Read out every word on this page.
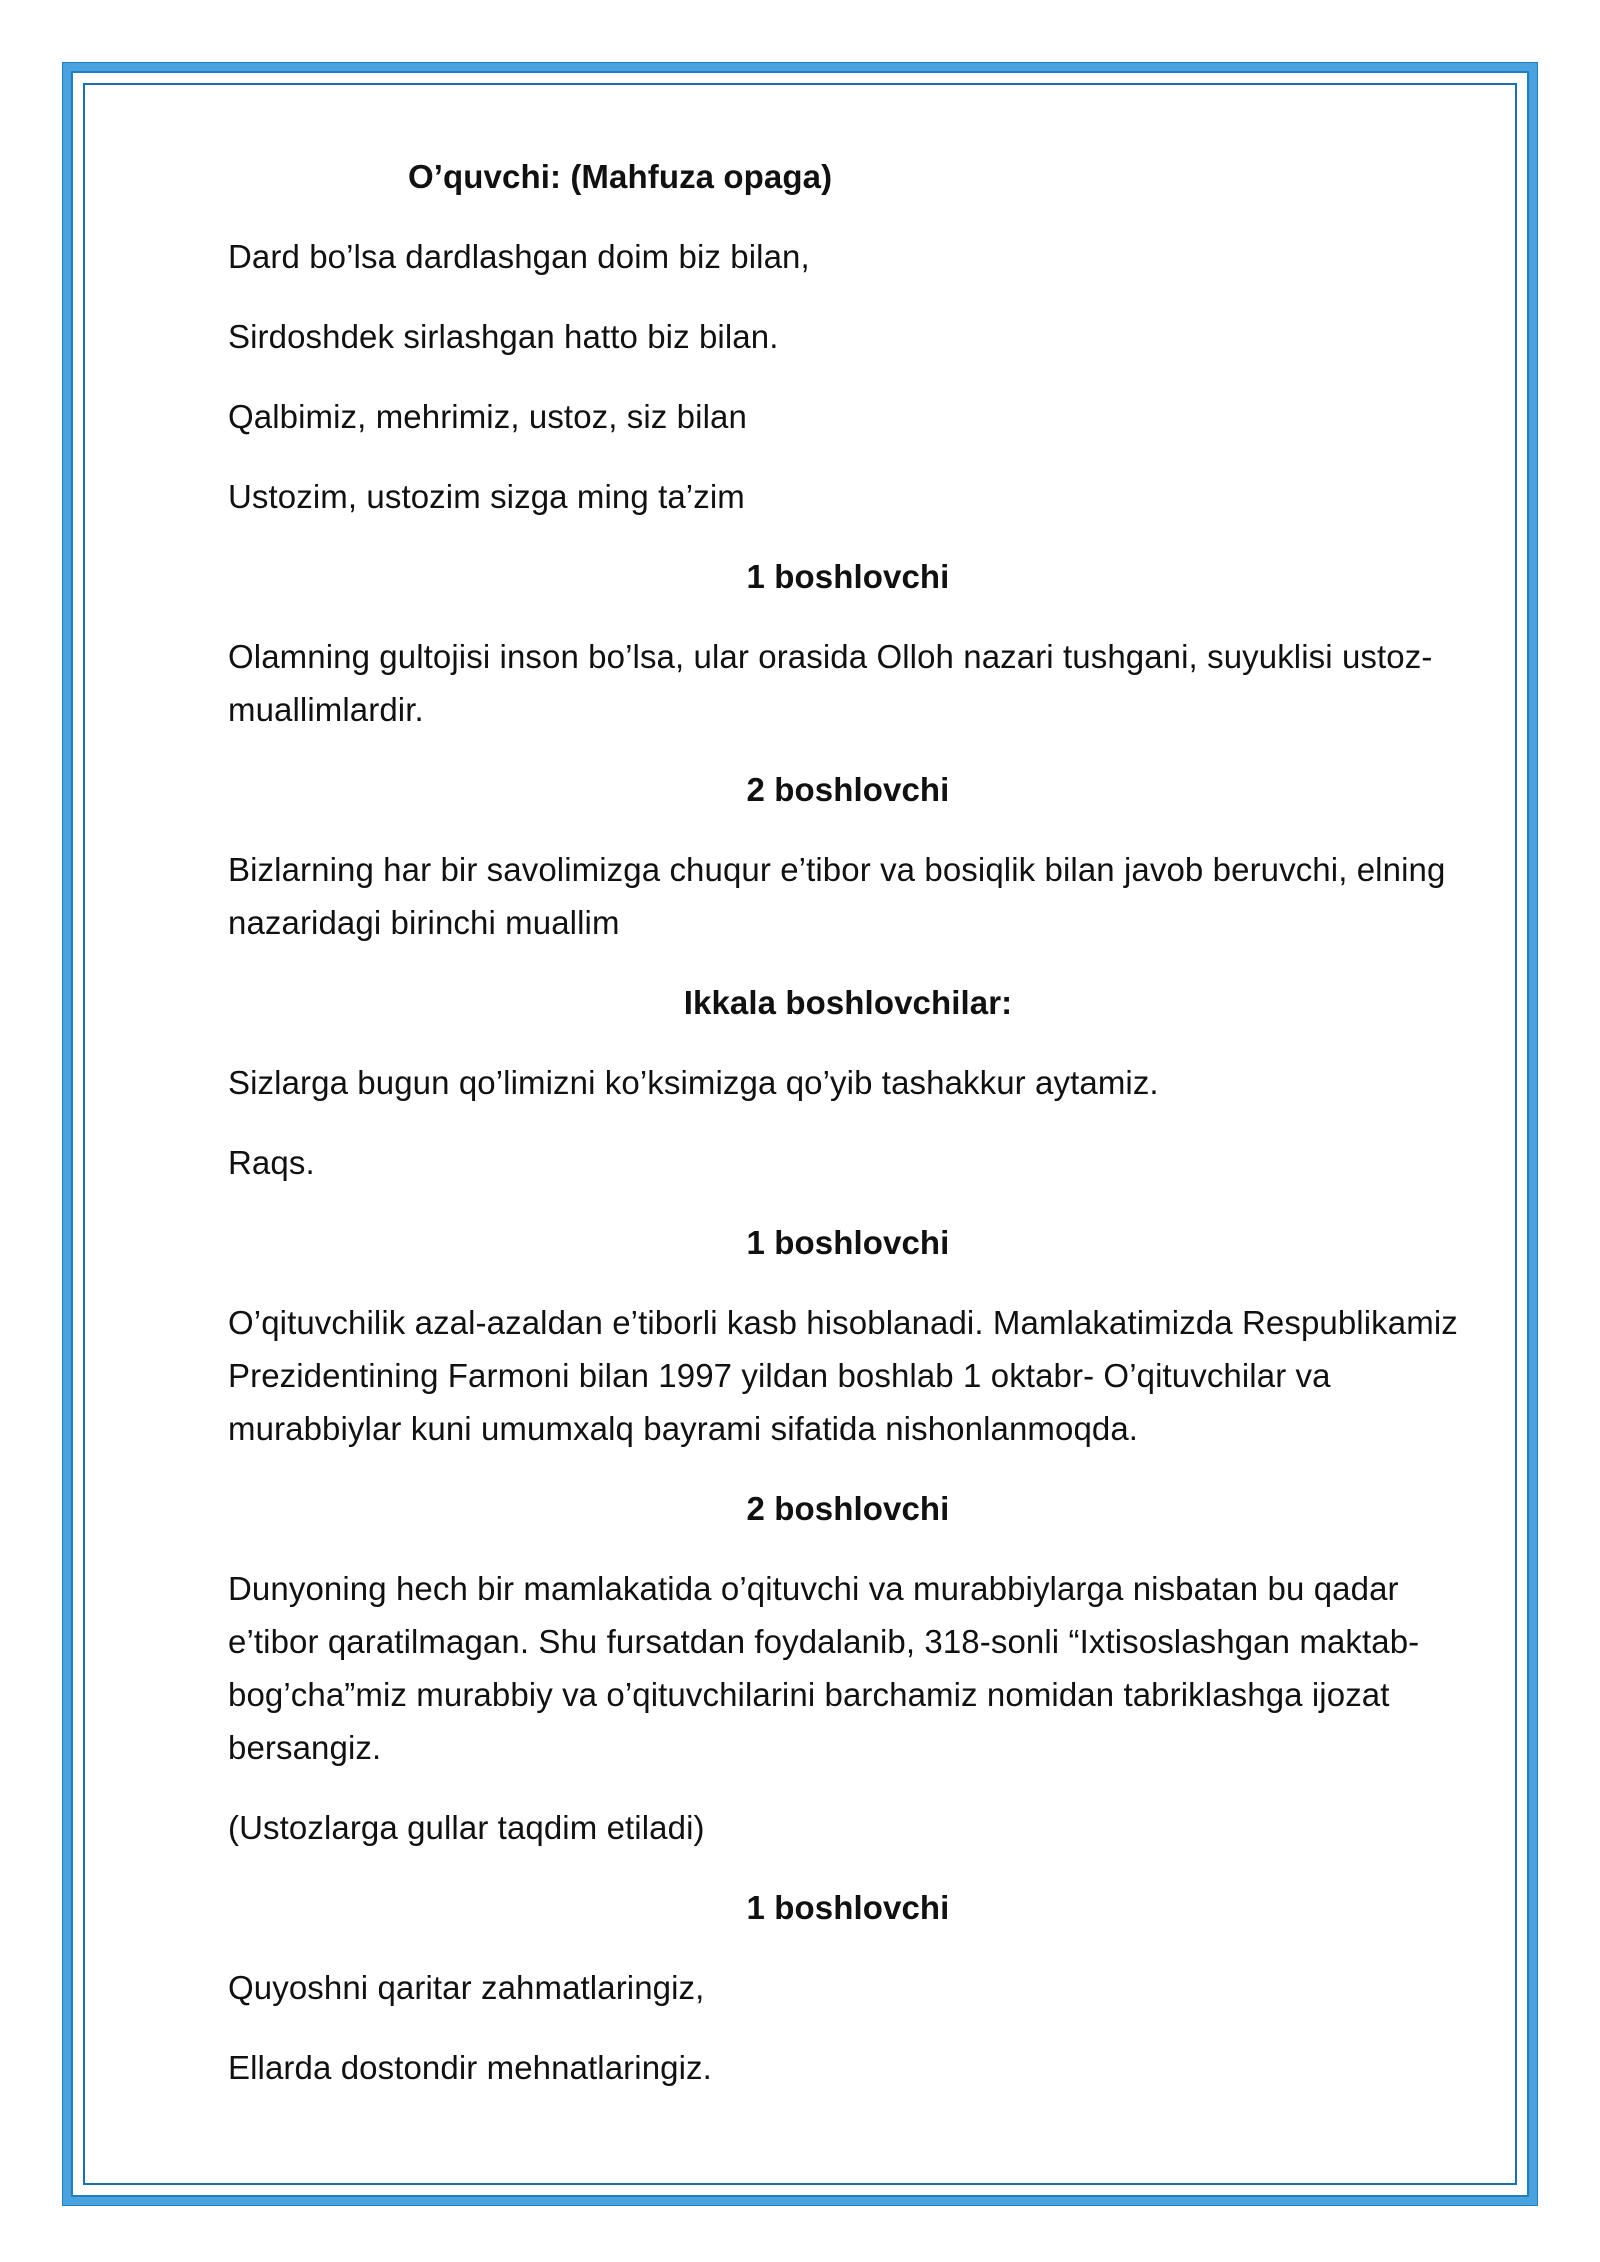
O’quvchi: (Mahfuza opaga)

Dard bo’lsa dardlashgan doim biz bilan,

Sirdoshdek sirlashgan hatto biz bilan.

Qalbimiz, mehrimiz, ustoz, siz bilan

Ustozim, ustozim sizga ming ta’zim

1 boshlovchi

Olamning gultojisi inson bo’lsa, ular orasida Olloh nazari tushgani, suyuklisi ustoz-muallimlardir.

2 boshlovchi

Bizlarning har bir savolimizga chuqur e’tibor va bosiqlik bilan javob beruvchi, elning nazaridagi birinchi muallim

Ikkala boshlovchilar:

Sizlarga bugun qo’limizni ko’ksimizga qo’yib tashakkur aytamiz.

Raqs.

1 boshlovchi

O’qituvchilik azal-azaldan e’tiborli kasb hisoblanadi. Mamlakatimizda Respublikamiz Prezidentining Farmoni bilan 1997 yildan boshlab 1 oktabr- O’qituvchilar va murabbiylar kuni umumxalq bayrami sifatida nishonlanmoqda.

2 boshlovchi

Dunyoning hech bir mamlakatida o’qituvchi va murabbiylarga nisbatan bu qadar e’tibor qaratilmagan. Shu fursatdan foydalanib, 318-sonli “Ixtisoslashgan maktab-bog’cha”miz murabbiy va o’qituvchilarini barchamiz nomidan tabriklashga ijozat bersangiz.

(Ustozlarga gullar taqdim etiladi)

1 boshlovchi

Quyoshni qaritar zahmatlaringiz,

Ellarda dostondir mehnatlaringiz.
